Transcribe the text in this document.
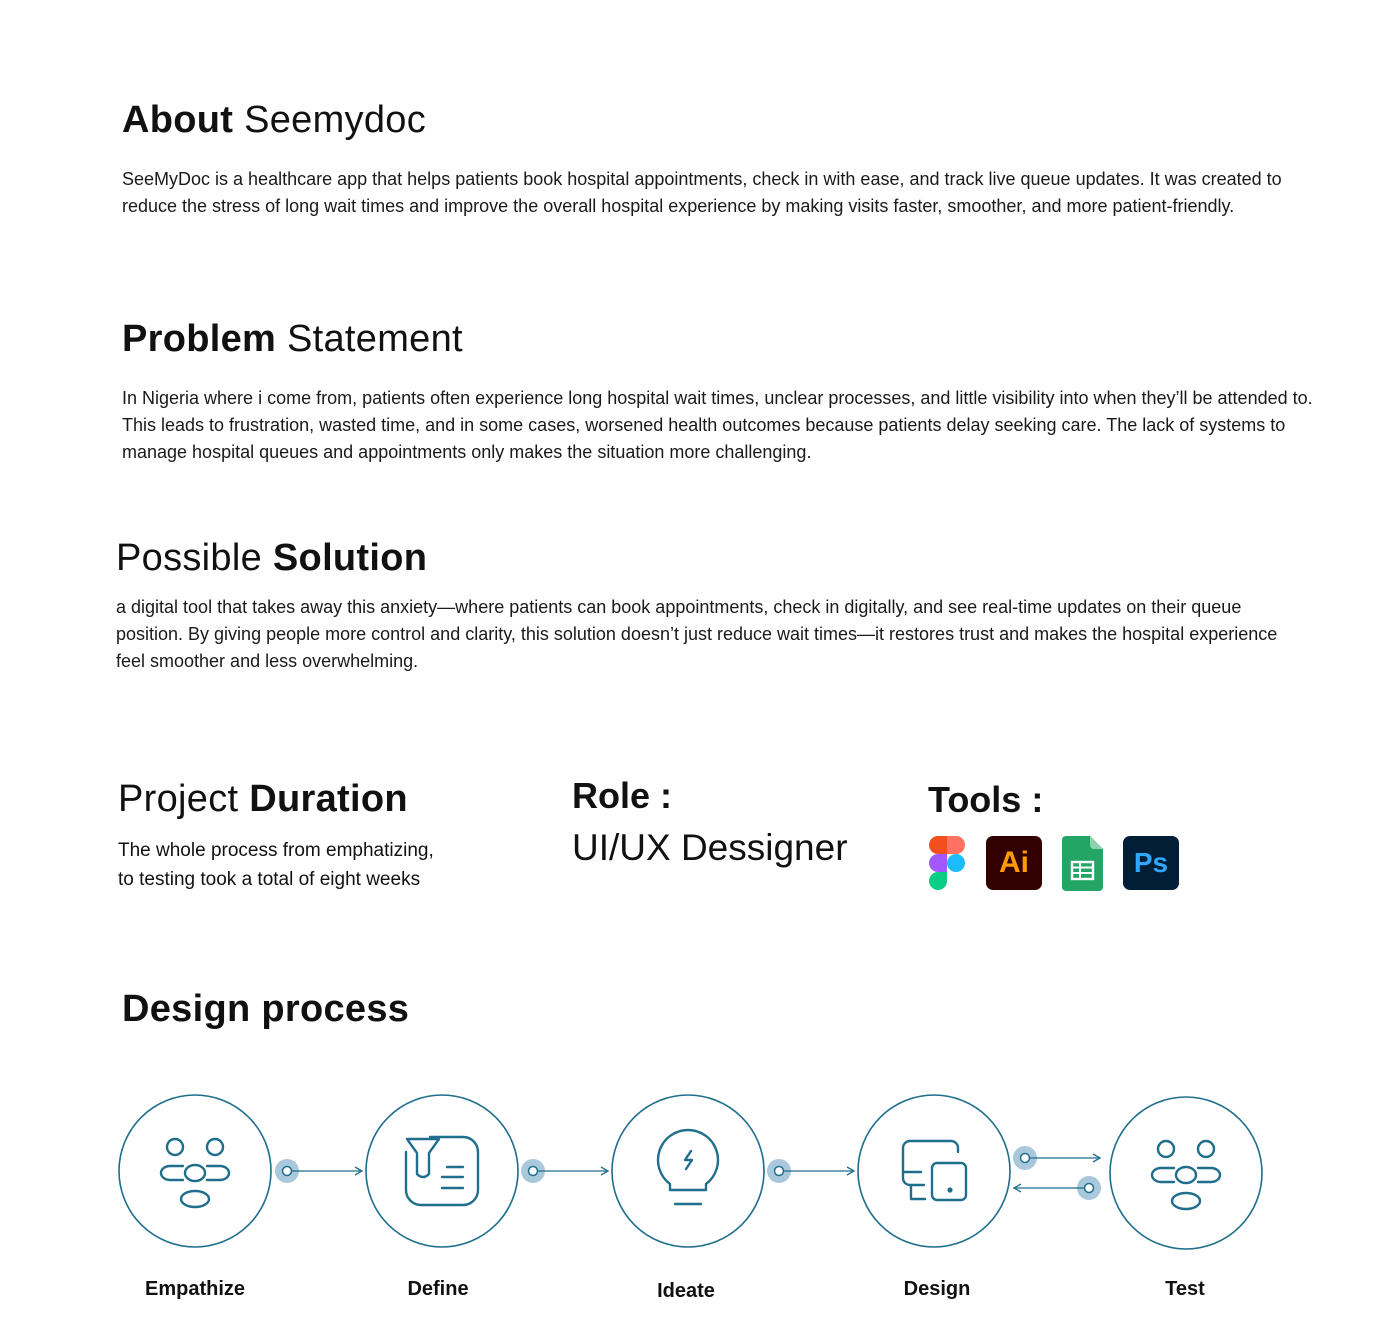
About Seemydoc

SeeMyDoc is a healthcare app that helps patients book hospital appointments, check in with ease, and track live queue updates. It was created to reduce the stress of long wait times and improve the overall hospital experience by making visits faster, smoother, and more patient-friendly.

Problem Statement

In Nigeria where i come from, patients often experience long hospital wait times, unclear processes, and little visibility into when they’ll be attended to. This leads to frustration, wasted time, and in some cases, worsened health outcomes because patients delay seeking care. The lack of systems to manage hospital queues and appointments only makes the situation more challenging.

Possible Solution

a digital tool that takes away this anxiety—where patients can book appointments, check in digitally, and see real-time updates on their queue position. By giving people more control and clarity, this solution doesn’t just reduce wait times—it restores trust and makes the hospital experience feel smoother and less overwhelming.

Project Duration
The whole process from emphatizing,
to testing took a total of eight weeks
Role :
UI/UX Dessigner
Tools :
Ai	Ps
Design process
Empathize	Define	Ideate	Design	Test
